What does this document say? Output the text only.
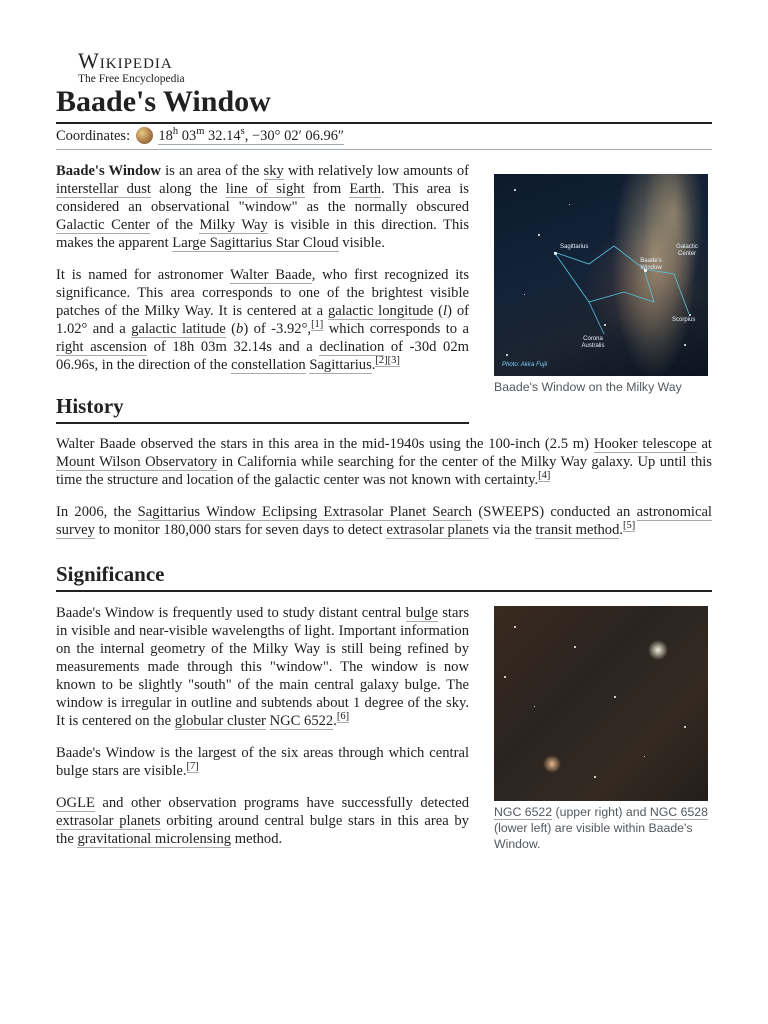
Wikipedia
The Free Encyclopedia
Baade's Window
Coordinates: 18$^h$ 03$^m$ $32.14^s$, −30° 02′ 06.96″

Baade's Window is an area of the sky with relatively low amounts of interstellar dust along the line of sight from Earth. This area is considered an observational "window" as the normally obscured Galactic Center of the Milky Way is visible in this direction. This makes the apparent Large Sagittarius Star Cloud visible.

It is named for astronomer Walter Baade, who first recognized its significance. This area corresponds to one of the brightest visible patches of the Milky Way. It is centered at a galactic longitude (l) of 1.02° and a galactic latitude (b) of -3.92°,[1] which corresponds to a right ascension of 18h 03m 32.14s and a declination of -30d 02m 06.96s, in the direction of the constellation Sagittarius.[2][3]

Sagittarius	Galactic Center
Baade's Window
Scorpius
Corona Australis
Photo: Akira Fujii
Baade's Window on the Milky Way
History

Walter Baade observed the stars in this area in the mid-1940s using the 100-inch (2.5 m) Hooker telescope at Mount Wilson Observatory in California while searching for the center of the Milky Way galaxy. Up until this time the structure and location of the galactic center was not known with certainty.[4]

In 2006, the Sagittarius Window Eclipsing Extrasolar Planet Search (SWEEPS) conducted an astronomical survey to monitor 180,000 stars for seven days to detect extrasolar planets via the transit method.[5]

Significance

Baade's Window is frequently used to study distant central bulge stars in visible and near-visible wavelengths of light. Important information on the internal geometry of the Milky Way is still being refined by measurements made through this "window". The window is now known to be slightly "south" of the main central galaxy bulge. The window is irregular in outline and subtends about 1 degree of the sky. It is centered on the globular cluster NGC 6522.[6]

Baade's Window is the largest of the six areas through which central bulge stars are visible.[7]

OGLE and other observation programs have successfully detected extrasolar planets orbiting around central bulge stars in this area by the gravitational microlensing method.

NGC 6522 (upper right) and NGC 6528 (lower left) are visible within Baade's Window.
